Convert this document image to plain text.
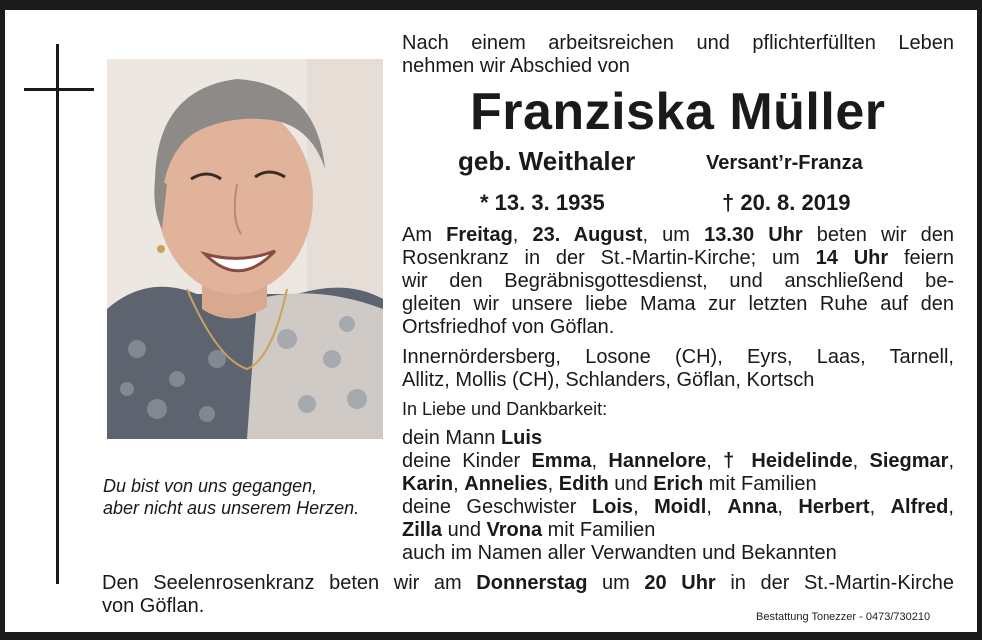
Du bist von uns gegangen,
aber nicht aus unserem Herzen.
Nach einem arbeitsreichen und pflichterfüllten Leben
nehmen wir Abschied von
Franziska Müller
geb. Weithaler	Versant’r-Franza
* 13. 3. 1935	† 20. 8. 2019
Am Freitag, 23. August, um 13.30 Uhr beten wir den
Rosenkranz in der St.-Martin-Kirche; um 14 Uhr feiern
wir den Begräbnisgottesdienst, und anschließend be-
gleiten wir unsere liebe Mama zur letzten Ruhe auf den
Ortsfriedhof von Göflan.
Innernördersberg, Losone (CH), Eyrs, Laas, Tarnell,
Allitz, Mollis (CH), Schlanders, Göflan, Kortsch
In Liebe und Dankbarkeit:
dein Mann Luis
deine Kinder Emma, Hannelore, † Heidelinde, Siegmar,
Karin, Annelies, Edith und Erich mit Familien
deine Geschwister Lois, Moidl, Anna, Herbert, Alfred,
Zilla und Vrona mit Familien
auch im Namen aller Verwandten und Bekannten
Den Seelenrosenkranz beten wir am Donnerstag um 20 Uhr in der St.-Martin-Kirche
von Göflan.	Bestattung Tonezzer - 0473/730210
